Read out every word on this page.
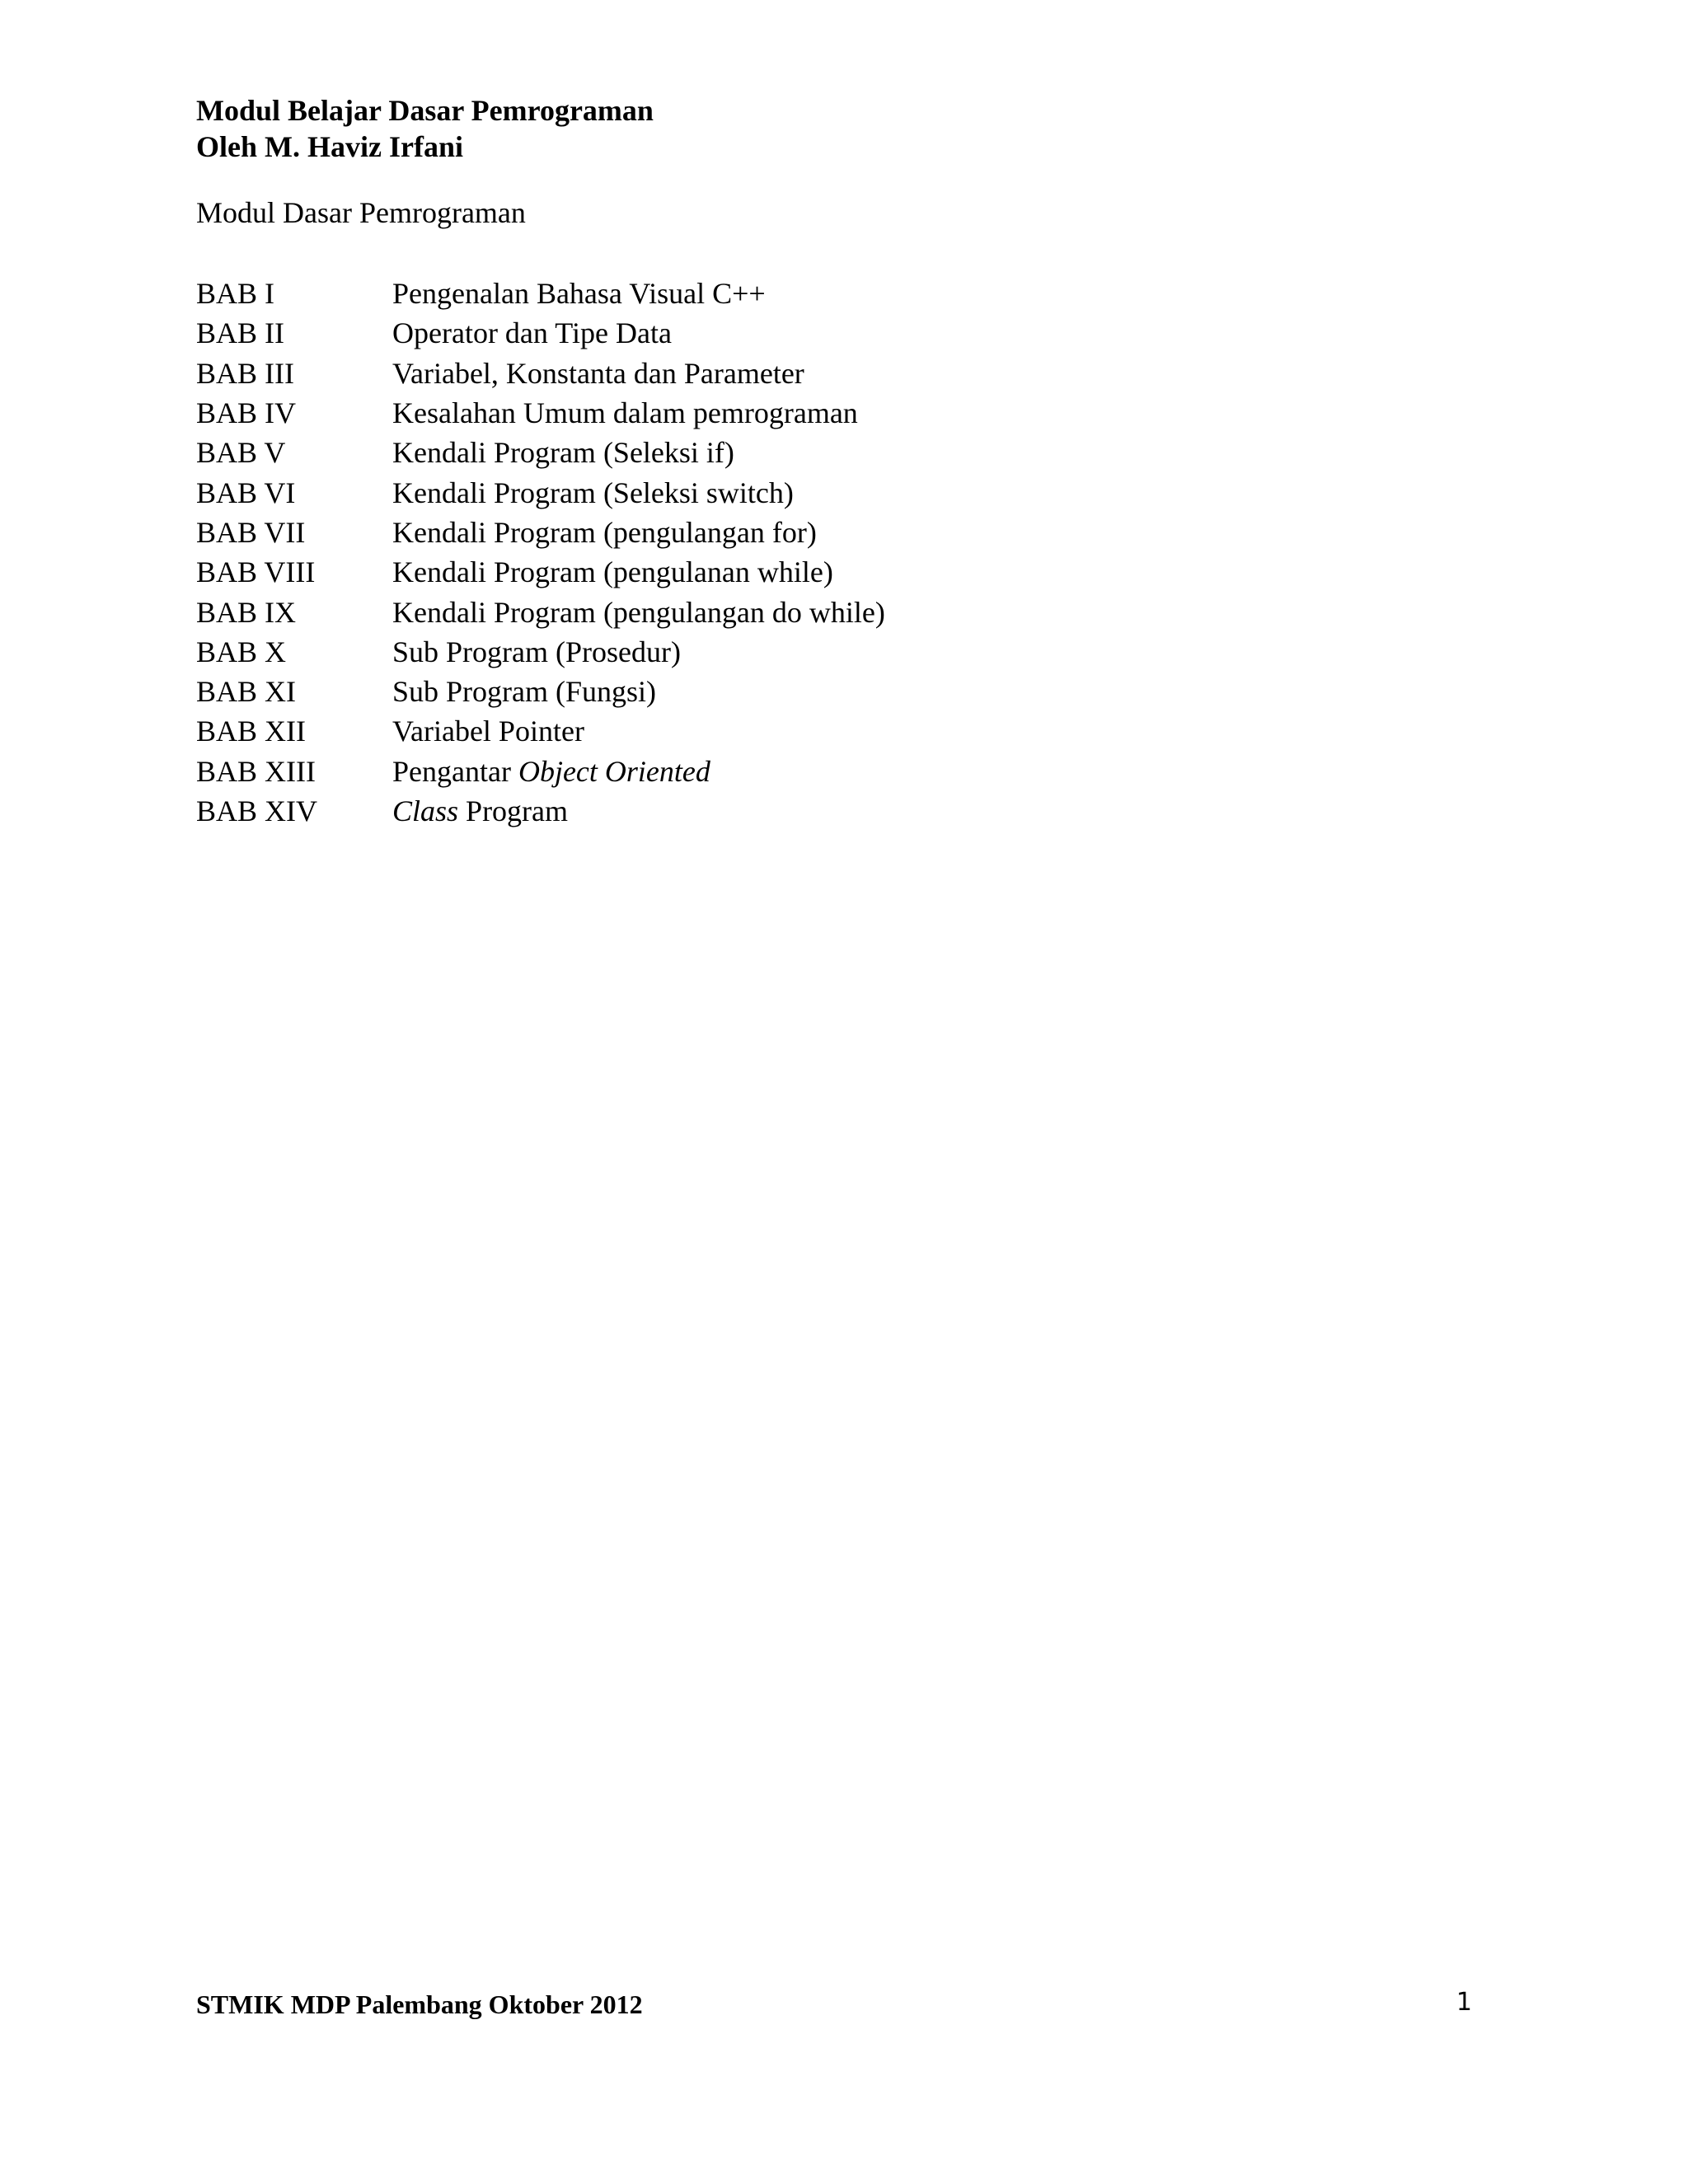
Modul Belajar Dasar Pemrograman
Oleh M. Haviz Irfani
Modul Dasar Pemrograman
BAB I	Pengenalan Bahasa Visual C++
BAB II	Operator dan Tipe Data
BAB III	Variabel, Konstanta dan Parameter
BAB IV	Kesalahan Umum dalam pemrograman
BAB V	Kendali Program (Seleksi if)
BAB VI	Kendali Program (Seleksi switch)
BAB VII	Kendali Program (pengulangan for)
BAB VIII	Kendali Program (pengulanan while)
BAB IX	Kendali Program (pengulangan do while)
BAB X	Sub Program (Prosedur)
BAB XI	Sub Program (Fungsi)
BAB XII	Variabel Pointer
BAB XIII	Pengantar Object Oriented
BAB XIV	Class Program
STMIK MDP Palembang Oktober 2012	1
